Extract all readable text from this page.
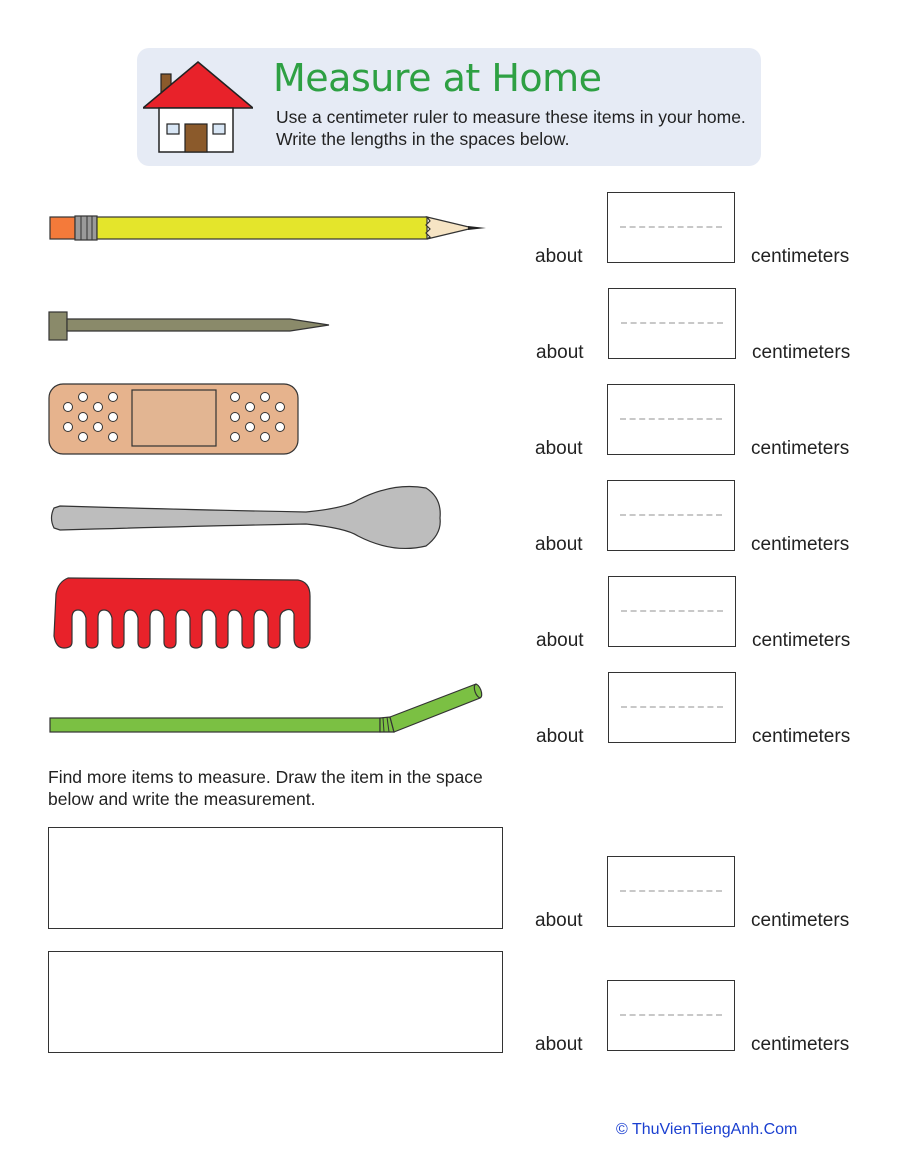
Measure at Home
Use a centimeter ruler to measure these items in your home. Write the lengths in the spaces below.
about	centimeters
about	centimeters
about	centimeters
about	centimeters
about	centimeters
about	centimeters
Find more items to measure. Draw the item in the space below and write the measurement.
about	centimeters
about	centimeters
© ThuVienTiengAnh.Com
